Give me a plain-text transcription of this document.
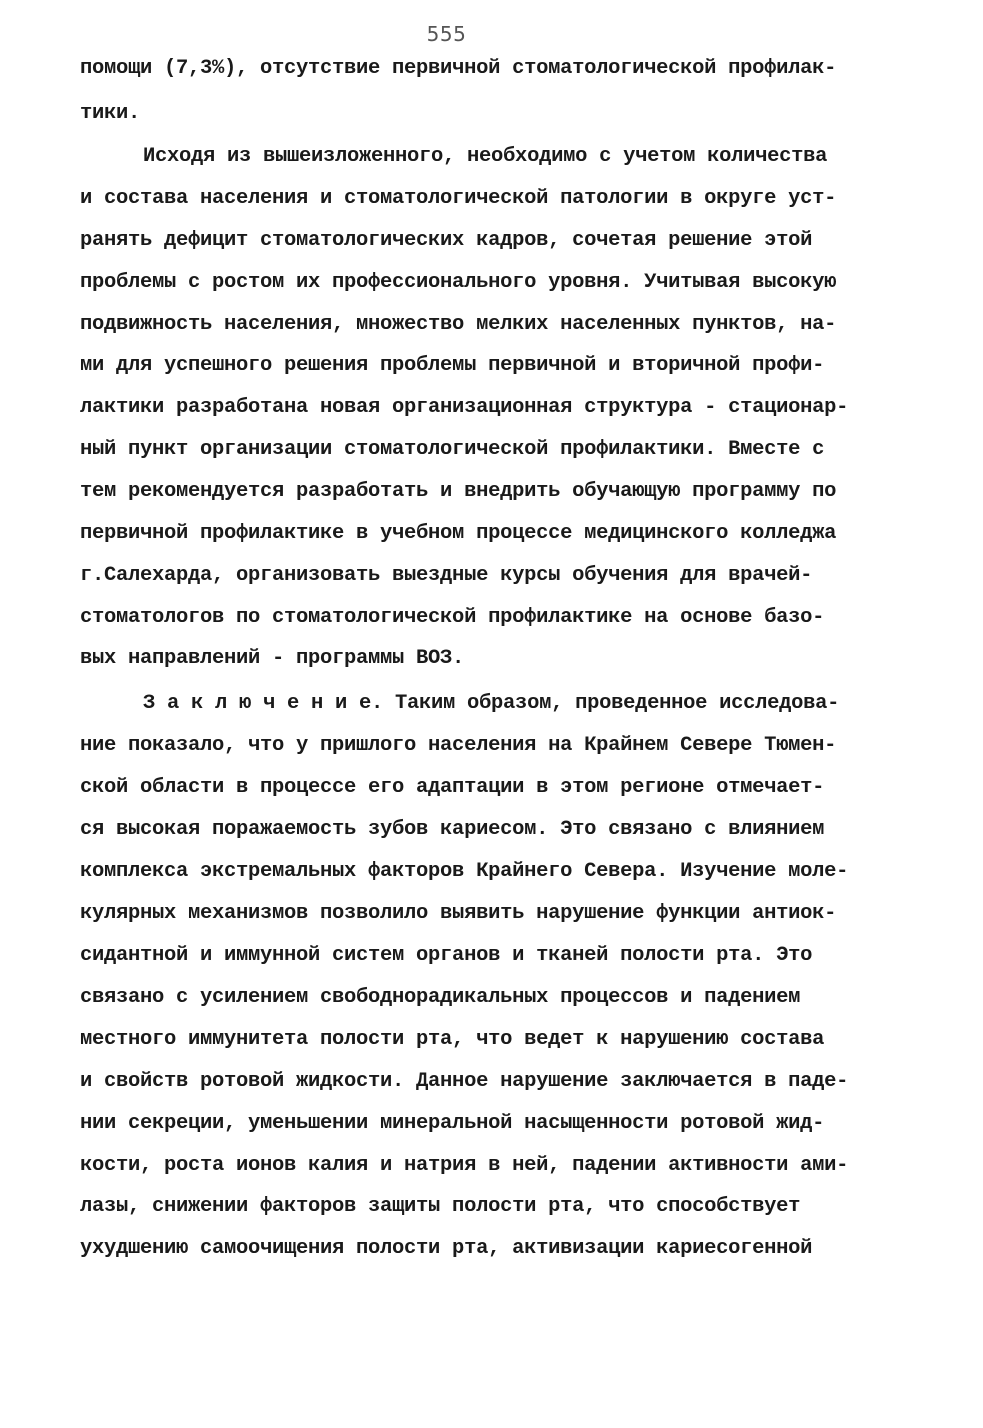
555
помощи (7,3%), отсутствие первичной стоматологической профилак-
тики.
Исходя из вышеизложенного, необходимо с учетом количества
и состава населения и стоматологической патологии в округе уст-
ранять дефицит стоматологических кадров, сочетая решение этой
проблемы с ростом их профессионального уровня. Учитывая высокую
подвижность населения, множество мелких населенных пунктов, на-
ми для успешного решения проблемы первичной и вторичной профи-
лактики разработана новая организационная структура - стационар-
ный пункт организации стоматологической профилактики. Вместе с
тем рекомендуется разработать и внедрить обучающую программу по
первичной профилактике в учебном процессе медицинского колледжа
г.Салехарда, организовать выездные курсы обучения для врачей-
стоматологов по стоматологической профилактике на основе базо-
вых направлений - программы ВОЗ.
З а к л ю ч е н и е. Таким образом, проведенное исследова-
ние показало, что у пришлого населения на Крайнем Севере Тюмен-
ской области в процессе его адаптации в этом регионе отмечает-
ся высокая поражаемость зубов кариесом. Это связано с влиянием
комплекса экстремальных факторов Крайнего Севера. Изучение моле-
кулярных механизмов позволило выявить нарушение функции антиок-
сидантной и иммунной систем органов и тканей полости рта. Это
связано с усилением свободнорадикальных процессов и падением
местного иммунитета полости рта, что ведет к нарушению состава
и свойств ротовой жидкости. Данное нарушение заключается в паде-
нии секреции, уменьшении минеральной насыщенности ротовой жид-
кости, роста ионов калия и натрия в ней, падении активности ами-
лазы, снижении факторов защиты полости рта, что способствует
ухудшению самоочищения полости рта, активизации кариесогенной
